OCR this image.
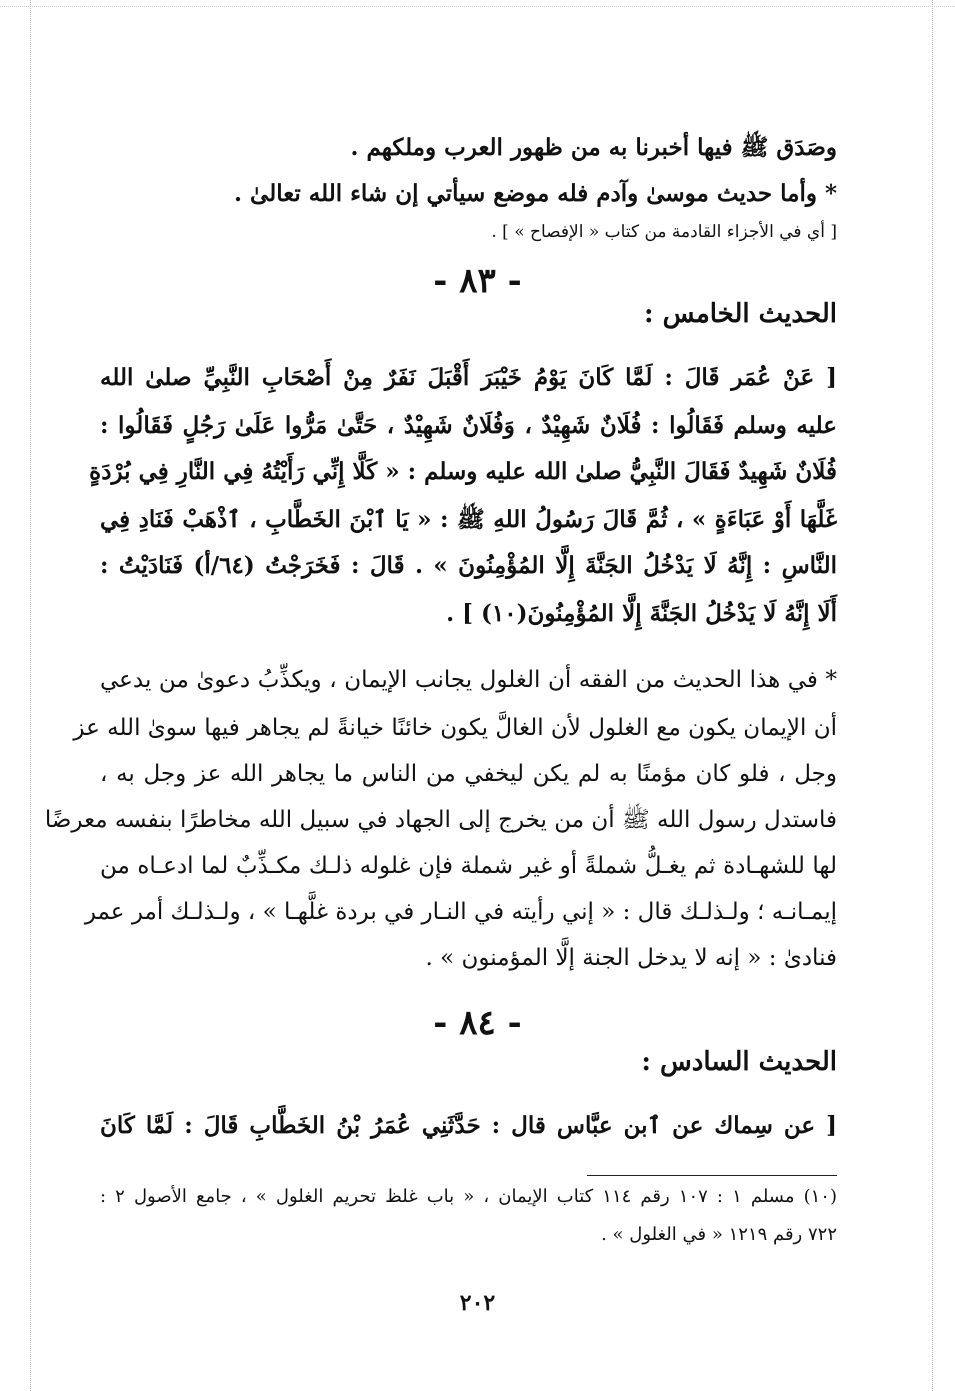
وصَدَق ﷺ فيها أخبرنا به من ظهور العرب وملكهم .
* وأما حديث موسىٰ وآدم فله موضع سيأتي إن شاء الله تعالىٰ .
[ أي في الأجزاء القادمة من كتاب « الإفصاح » ] .
- ٨٣ -
الحديث الخامس :
[ عَنْ عُمَر قَالَ : لَمَّا كَانَ يَوْمُ خَيْبَرَ أَقْبَلَ نَفَرٌ مِنْ أَصْحَابِ النَّبِيِّ صلىٰ الله
عليه وسلم فَقَالُوا : فُلَانٌ شَهِيْدٌ ، وَفُلَانٌ شَهِيْدٌ ، حَتَّىٰ مَرُّوا عَلَىٰ رَجُلٍ فَقَالُوا :
فُلَانٌ شَهِيدٌ فَقَالَ النَّبِيُّ صلىٰ الله عليه وسلم : « كَلَّا إِنِّي رَأَيْتُهُ فِي النَّارِ فِي بُرْدَةٍ
غَلَّهَا أَوْ عَبَاءَةٍ » ، ثُمَّ قَالَ رَسُولُ اللهِ ﷺ : « يَا ٱبْنَ الخَطَّابِ ، ٱذْهَبْ فَنَادِ فِي
النَّاسِ : إِنَّهُ لَا يَدْخُلُ الجَنَّةَ إِلَّا المُؤْمِنُونَ » . قَالَ : فَخَرَجْتُ (٦٤/أ) فَنَادَيْتُ :
أَلَا إِنَّهُ لَا يَدْخُلُ الجَنَّةَ إِلَّا المُؤْمِنُونَ(١٠) ] .
* في هذا الحديث من الفقه أن الغلول يجانب الإيمان ، ويكذِّبُ دعوىٰ من يدعي
أن الإيمان يكون مع الغلول لأن الغالَّ يكون خائنًا خيانةً لم يجاهر فيها سوىٰ الله عز
وجل ، فلو كان مؤمنًا به لم يكن ليخفي من الناس ما يجاهر الله عز وجل به ،
فاستدل رسول الله ﷺ أن من يخرج إلى الجهاد في سبيل الله مخاطرًا بنفسه معرضًا
لها للشهـادة ثم يغـلُّ شملةً أو غير شملة فإن غلوله ذلـك مكـذِّبٌ لما ادعـاه من
إيمـانـه ؛ ولـذلـك قال : « إني رأيته في النـار في بردة غلَّهـا » ، ولـذلـك أمر عمر
فنادىٰ : « إنه لا يدخل الجنة إلَّا المؤمنون » .
- ٨٤ -
الحديث السادس :
[ عن سِماك عن ٱبن عبَّاس قال : حَدَّثَنِي عُمَرُ بْنُ الخَطَّابِ قَالَ : لَمَّا كَانَ
(١٠) مسلم ١ : ١٠٧ رقم ١١٤ كتاب الإيمان ، « باب غلظ تحريم الغلول » ، جامع الأصول ٢ :
٧٢٢ رقم ١٢١٩ « في الغلول » .
٢٠٢
